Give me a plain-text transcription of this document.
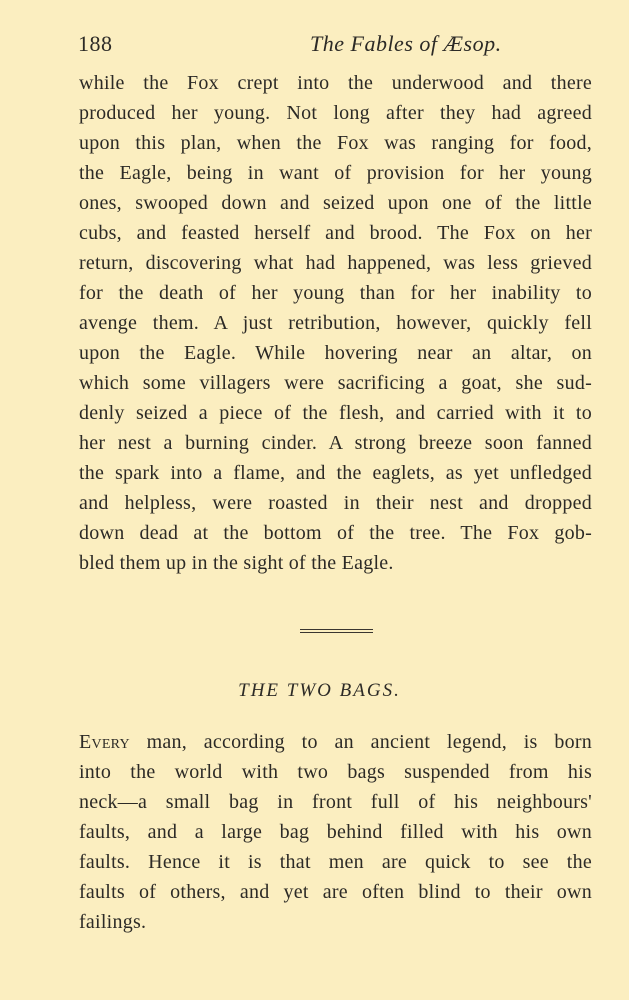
188	The Fables of Æsop.
while the Fox crept into the underwood and there
produced her young. Not long after they had agreed
upon this plan, when the Fox was ranging for food,
the Eagle, being in want of provision for her young
ones, swooped down and seized upon one of the little
cubs, and feasted herself and brood. The Fox on her
return, discovering what had happened, was less grieved
for the death of her young than for her inability to
avenge them. A just retribution, however, quickly fell
upon the Eagle. While hovering near an altar, on
which some villagers were sacrificing a goat, she sud-
denly seized a piece of the flesh, and carried with it to
her nest a burning cinder. A strong breeze soon fanned
the spark into a flame, and the eaglets, as yet unfledged
and helpless, were roasted in their nest and dropped
down dead at the bottom of the tree. The Fox gob-
bled them up in the sight of the Eagle.
THE TWO BAGS.
Every man, according to an ancient legend, is born
into the world with two bags suspended from his
neck—a small bag in front full of his neighbours'
faults, and a large bag behind filled with his own
faults. Hence it is that men are quick to see the
faults of others, and yet are often blind to their own
failings.
